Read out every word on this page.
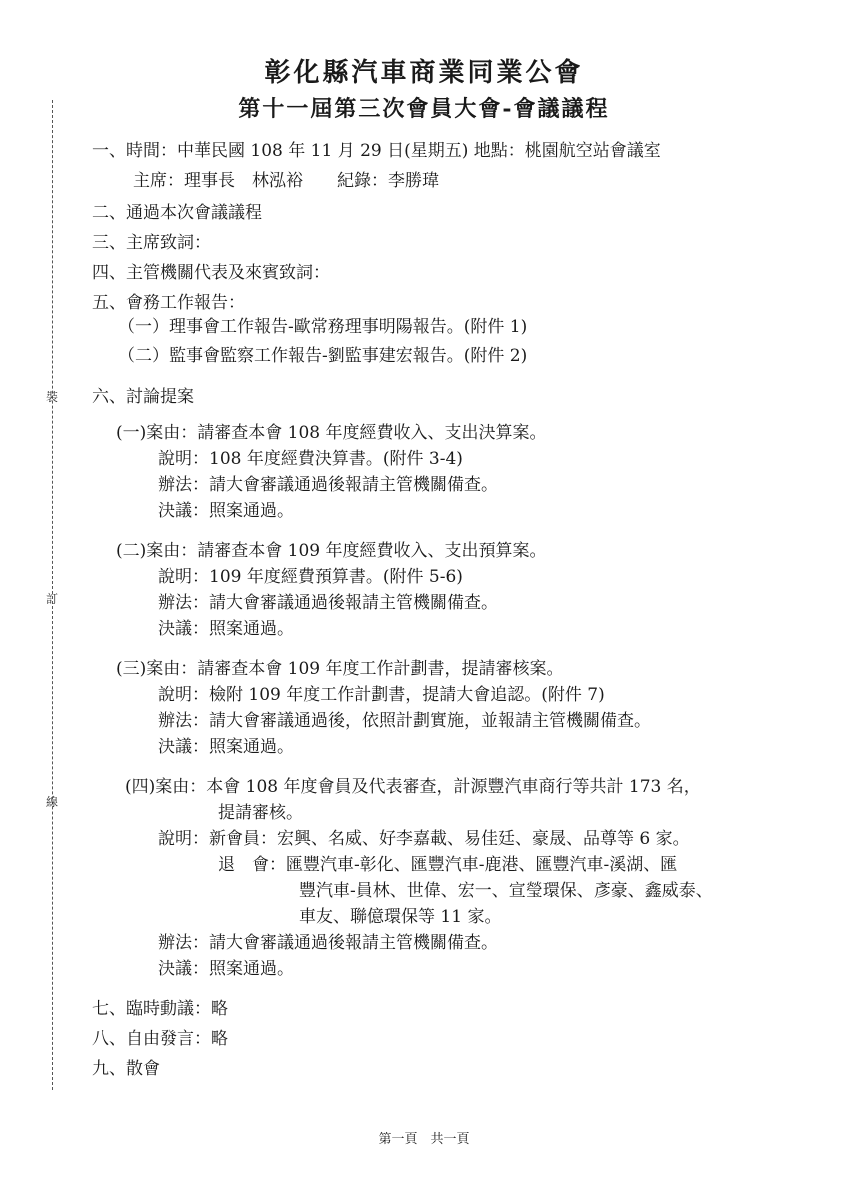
裝
訂
線
彰化縣汽車商業同業公會
第十一屆第三次會員大會-會議議程
一、時間：中華民國 108 年 11 月 29 日(星期五) 地點：桃園航空站會議室
主席：理事長　林泓裕　　紀錄：李勝瑋
二、通過本次會議議程
三、主席致詞：
四、主管機關代表及來賓致詞：
五、會務工作報告：
（一）理事會工作報告-歐常務理事明陽報告。(附件 1)
（二）監事會監察工作報告-劉監事建宏報告。(附件 2)
六、討論提案
(一)案由：請審查本會 108 年度經費收入、支出決算案。
說明：108 年度經費決算書。(附件 3-4)
辦法：請大會審議通過後報請主管機關備查。
決議：照案通過。
(二)案由：請審查本會 109 年度經費收入、支出預算案。
說明：109 年度經費預算書。(附件 5-6)
辦法：請大會審議通過後報請主管機關備查。
決議：照案通過。
(三)案由：請審查本會 109 年度工作計劃書，提請審核案。
說明：檢附 109 年度工作計劃書，提請大會追認。(附件 7)
辦法：請大會審議通過後，依照計劃實施，並報請主管機關備查。
決議：照案通過。
(四)案由：本會 108 年度會員及代表審查，計源豐汽車商行等共計 173 名，
提請審核。
說明：新會員：宏興、名威、好李嘉載、易佳廷、豪晟、品尊等 6 家。
退　會：匯豐汽車-彰化、匯豐汽車-鹿港、匯豐汽車-溪湖、匯
豐汽車-員林、世偉、宏一、宣瑩環保、彥豪、鑫威泰、
車友、聯億環保等 11 家。
辦法：請大會審議通過後報請主管機關備查。
決議：照案通過。
七、臨時動議：略
八、自由發言：略
九、散會
第一頁　共一頁
